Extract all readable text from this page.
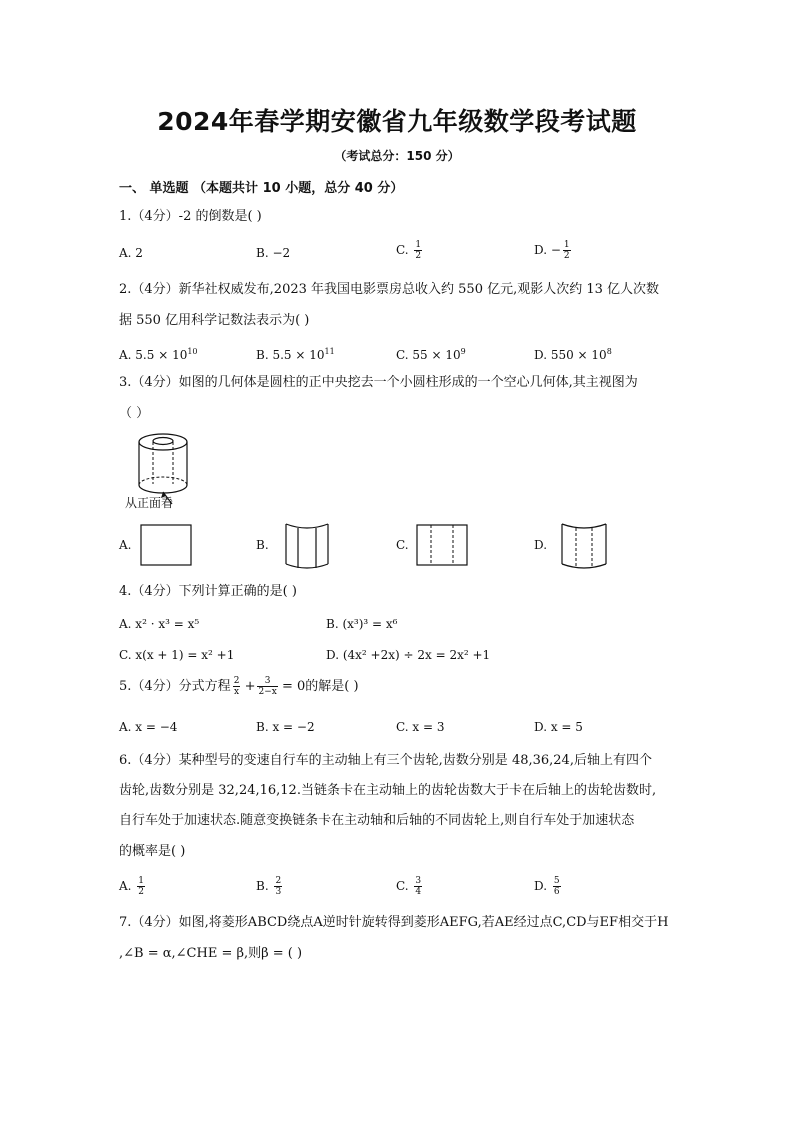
2024年春学期安徽省九年级数学段考试题
（考试总分：150 分）
一、 单选题 （本题共计 10 小题，总分 40 分）
1.（4分）-2 的倒数是( )
A. 2	B. −2	C. $\frac{1}{2}$	D. − $\frac{1}{2}$
2.（4分）新华社权威发布,2023 年我国电影票房总收入约 550 亿元,观影人次约 13 亿人次数
据 550 亿用科学记数法表示为( )
A. $5.5 \times 10^{10}$	B. $5.5 \times 10^{11}$	C. $55 \times 10^9$	D. $550 \times 10^8$
3.（4分）如图的几何体是圆柱的正中央挖去一个小圆柱形成的一个空心几何体,其主视图为
（ ）
从正面看
A.	B.	C.	D.
4.（4分）下列计算正确的是( )
A. x² · x³ = x⁵	B. (x³)³ = x⁶
C. x(x + 1) = x² +1	D. (4x² +2x) ÷ 2x = 2x² +1
5.（4分）分式方程 $\frac{2}{x} + \frac{3}{2-x} = 0$的解是( )
A. x = −4	B. x = −2	C. x = 3	D. x = 5
6.（4分）某种型号的变速自行车的主动轴上有三个齿轮,齿数分别是 48,36,24,后轴上有四个
齿轮,齿数分别是 32,24,16,12.当链条卡在主动轴上的齿轮齿数大于卡在后轴上的齿轮齿数时,
自行车处于加速状态.随意变换链条卡在主动轴和后轴的不同齿轮上,则自行车处于加速状态
的概率是( )
A. $\frac{1}{2}$	B. $\frac{2}{3}$	C. $\frac{3}{4}$	D. $\frac{5}{6}$
7.（4分）如图,将菱形ABCD绕点A逆时针旋转得到菱形AEFG,若AE经过点C,CD与EF相交于H
,∠B = α,∠CHE = β,则β = ( )
